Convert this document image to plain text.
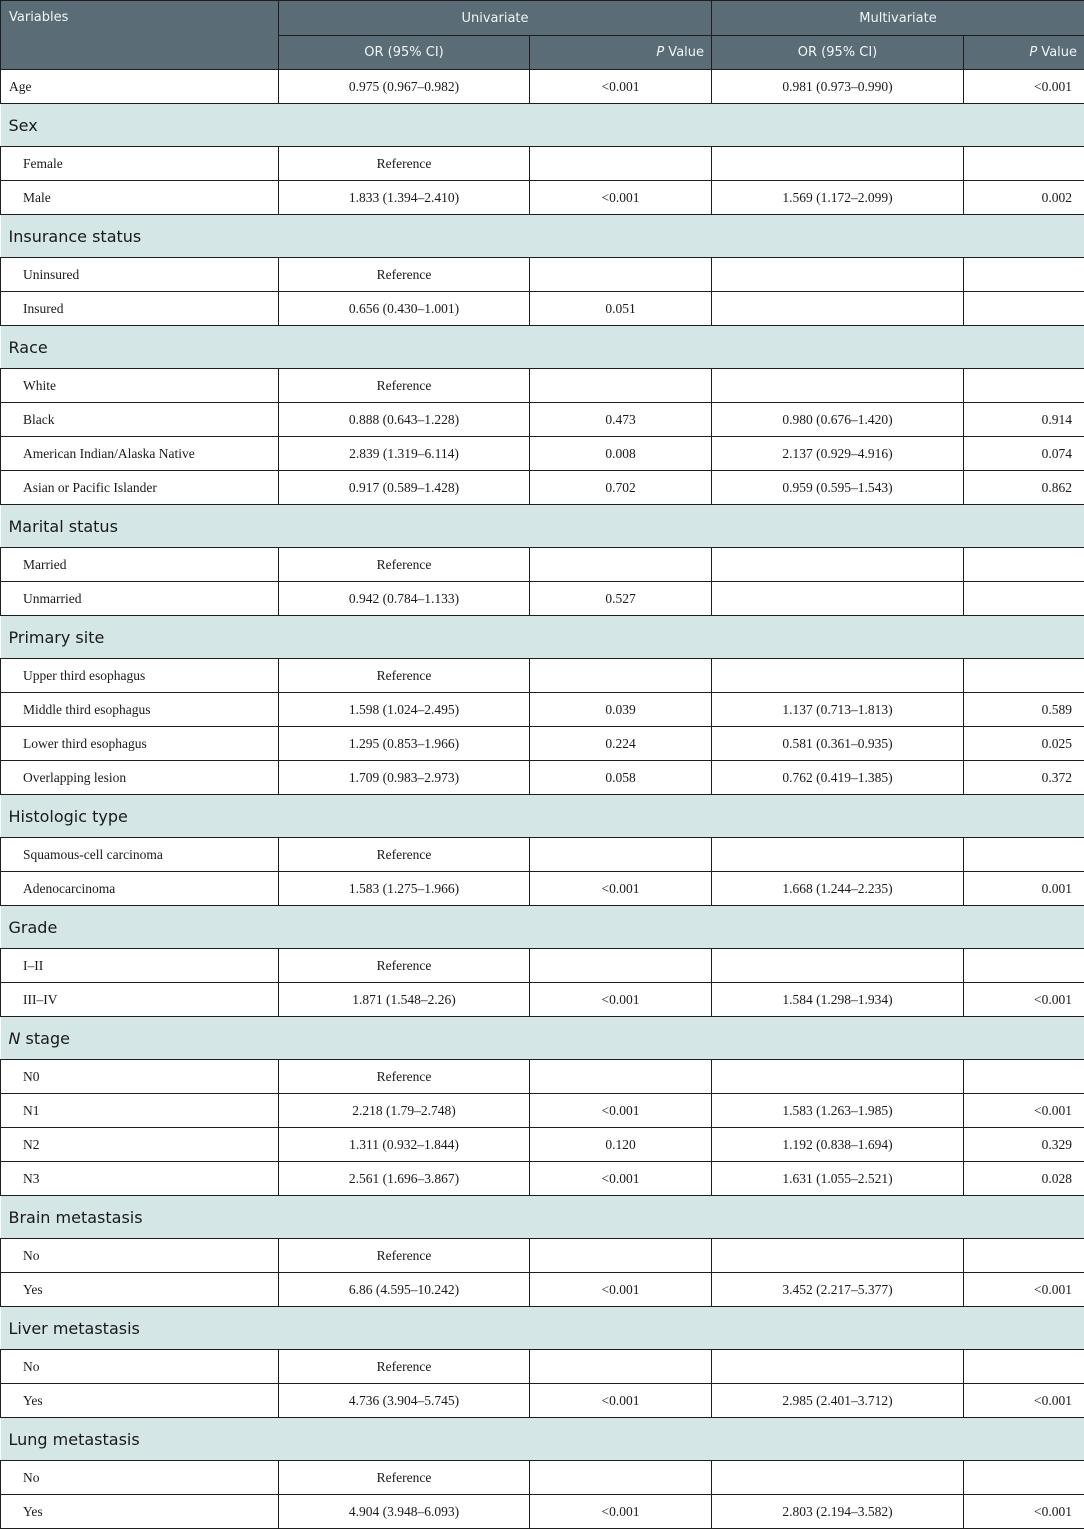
Variables	Univariate		Multivariate	
	OR (95% CI)	P Value	OR (95% CI)	P Value
Age	0.975 (0.967–0.982)	<0.001	0.981 (0.973–0.990)	<0.001
Sex				
Female	Reference			
Male	1.833 (1.394–2.410)	<0.001	1.569 (1.172–2.099)	0.002
Insurance status				
Uninsured	Reference			
Insured	0.656 (0.430–1.001)	0.051		
Race				
White	Reference			
Black	0.888 (0.643–1.228)	0.473	0.980 (0.676–1.420)	0.914
American Indian/Alaska Native	2.839 (1.319–6.114)	0.008	2.137 (0.929–4.916)	0.074
Asian or Pacific Islander	0.917 (0.589–1.428)	0.702	0.959 (0.595–1.543)	0.862
Marital status				
Married	Reference			
Unmarried	0.942 (0.784–1.133)	0.527		
Primary site				
Upper third esophagus	Reference			
Middle third esophagus	1.598 (1.024–2.495)	0.039	1.137 (0.713–1.813)	0.589
Lower third esophagus	1.295 (0.853–1.966)	0.224	0.581 (0.361–0.935)	0.025
Overlapping lesion	1.709 (0.983–2.973)	0.058	0.762 (0.419–1.385)	0.372
Histologic type				
Squamous-cell carcinoma	Reference			
Adenocarcinoma	1.583 (1.275–1.966)	<0.001	1.668 (1.244–2.235)	0.001
Grade				
I–II	Reference			
III–IV	1.871 (1.548–2.26)	<0.001	1.584 (1.298–1.934)	<0.001
N stage				
N0	Reference			
N1	2.218 (1.79–2.748)	<0.001	1.583 (1.263–1.985)	<0.001
N2	1.311 (0.932–1.844)	0.120	1.192 (0.838–1.694)	0.329
N3	2.561 (1.696–3.867)	<0.001	1.631 (1.055–2.521)	0.028
Brain metastasis				
No	Reference			
Yes	6.86 (4.595–10.242)	<0.001	3.452 (2.217–5.377)	<0.001
Liver metastasis				
No	Reference			
Yes	4.736 (3.904–5.745)	<0.001	2.985 (2.401–3.712)	<0.001
Lung metastasis				
No	Reference			
Yes	4.904 (3.948–6.093)	<0.001	2.803 (2.194–3.582)	<0.001
